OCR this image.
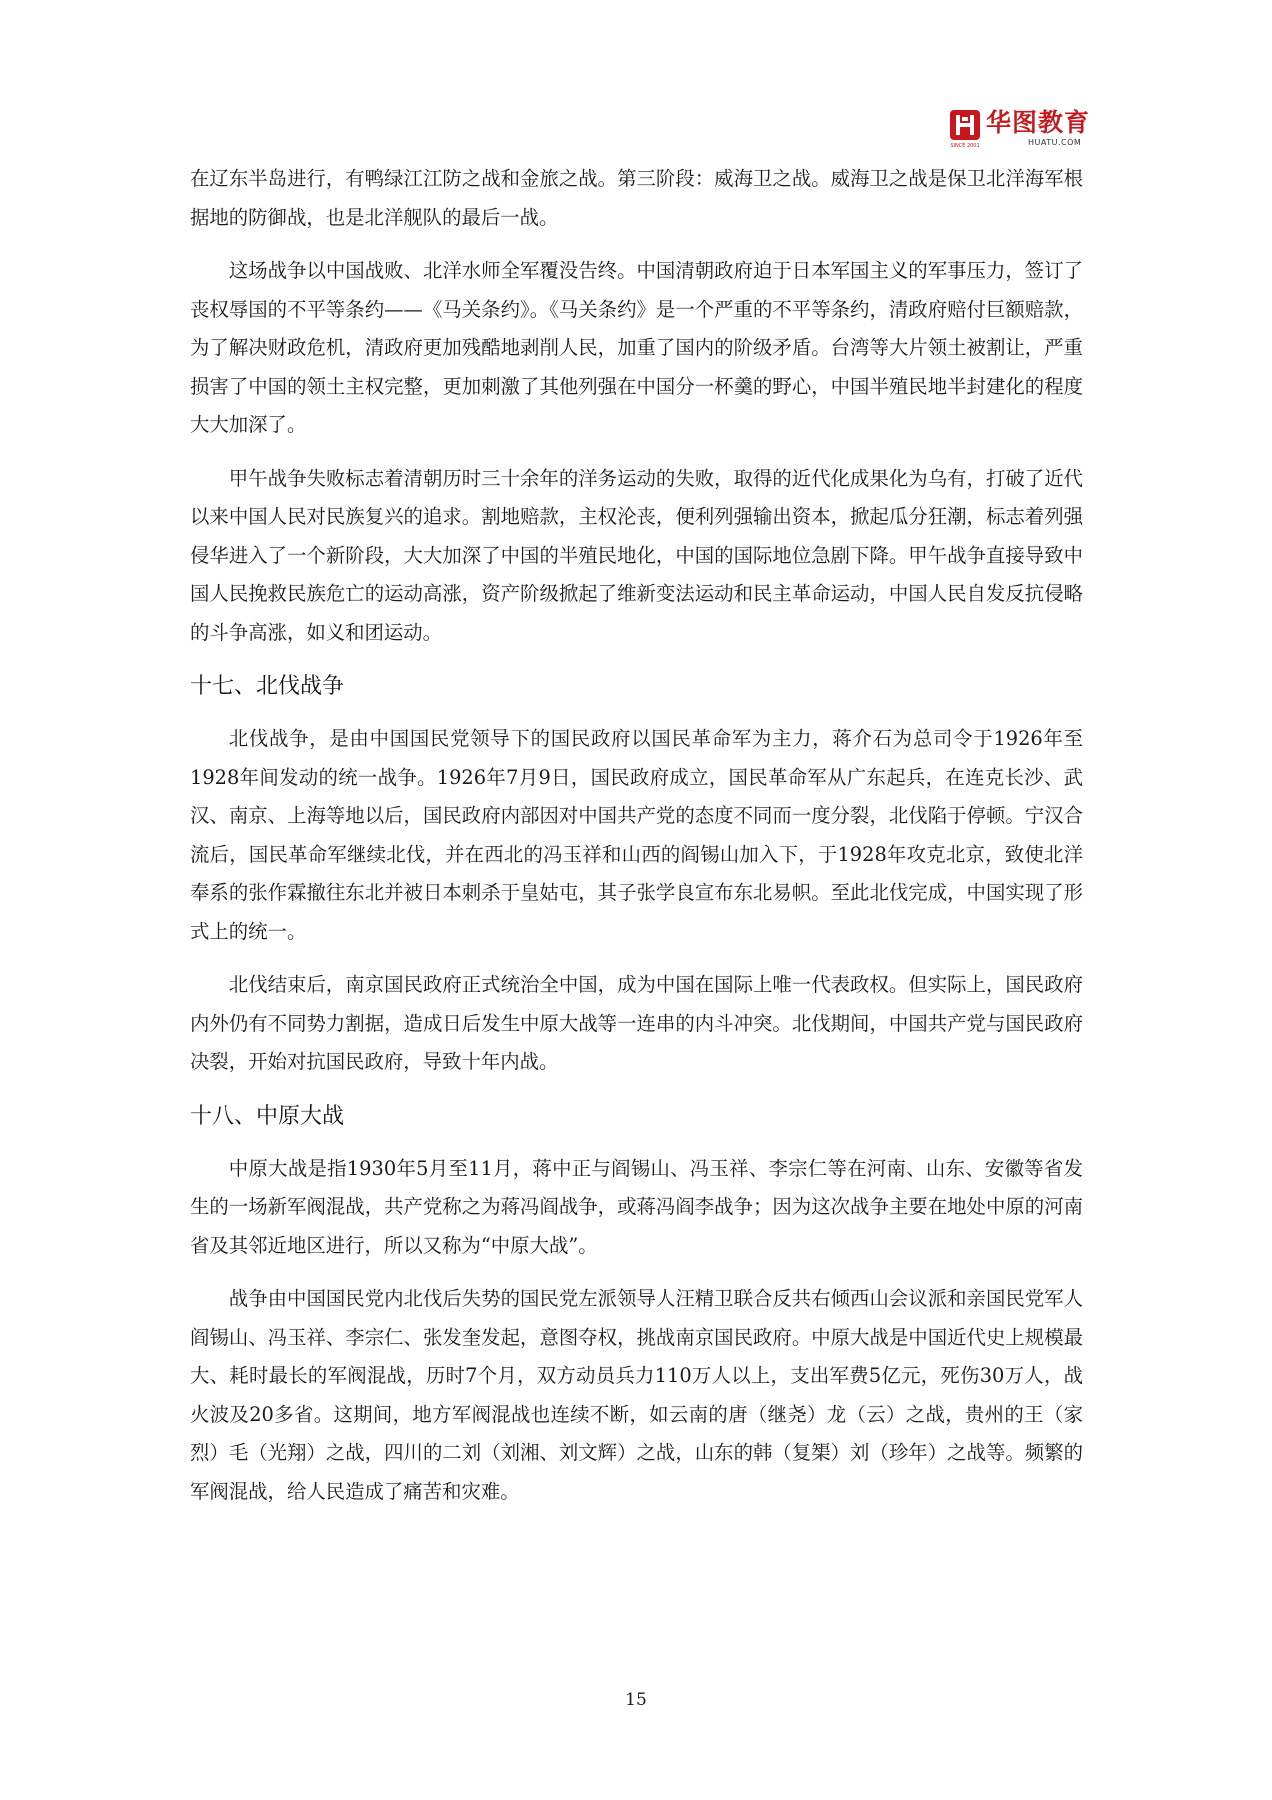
SINCE 2001
华图教育
HUATU.COM

在辽东半岛进行，有鸭绿江江防之战和金旅之战。第三阶段：威海卫之战。威海卫之战是保卫北洋海军根据地的防御战，也是北洋舰队的最后一战。

这场战争以中国战败、北洋水师全军覆没告终。中国清朝政府迫于日本军国主义的军事压力，签订了丧权辱国的不平等条约——《马关条约》。《马关条约》是一个严重的不平等条约，清政府赔付巨额赔款，为了解决财政危机，清政府更加残酷地剥削人民，加重了国内的阶级矛盾。台湾等大片领土被割让，严重损害了中国的领土主权完整，更加刺激了其他列强在中国分一杯羹的野心，中国半殖民地半封建化的程度大大加深了。

甲午战争失败标志着清朝历时三十余年的洋务运动的失败，取得的近代化成果化为乌有，打破了近代以来中国人民对民族复兴的追求。割地赔款，主权沦丧，便利列强输出资本，掀起瓜分狂潮，标志着列强侵华进入了一个新阶段，大大加深了中国的半殖民地化，中国的国际地位急剧下降。甲午战争直接导致中国人民挽救民族危亡的运动高涨，资产阶级掀起了维新变法运动和民主革命运动，中国人民自发反抗侵略的斗争高涨，如义和团运动。

十七、北伐战争

北伐战争，是由中国国民党领导下的国民政府以国民革命军为主力，蒋介石为总司令于1926年至1928年间发动的统一战争。1926年7月9日，国民政府成立，国民革命军从广东起兵，在连克长沙、武汉、南京、上海等地以后，国民政府内部因对中国共产党的态度不同而一度分裂，北伐陷于停顿。宁汉合流后，国民革命军继续北伐，并在西北的冯玉祥和山西的阎锡山加入下，于1928年攻克北京，致使北洋奉系的张作霖撤往东北并被日本刺杀于皇姑屯，其子张学良宣布东北易帜。至此北伐完成，中国实现了形式上的统一。

北伐结束后，南京国民政府正式统治全中国，成为中国在国际上唯一代表政权。但实际上，国民政府内外仍有不同势力割据，造成日后发生中原大战等一连串的内斗冲突。北伐期间，中国共产党与国民政府决裂，开始对抗国民政府，导致十年内战。

十八、中原大战

中原大战是指1930年5月至11月，蒋中正与阎锡山、冯玉祥、李宗仁等在河南、山东、安徽等省发生的一场新军阀混战，共产党称之为蒋冯阎战争，或蒋冯阎李战争；因为这次战争主要在地处中原的河南省及其邻近地区进行，所以又称为“中原大战”。

战争由中国国民党内北伐后失势的国民党左派领导人汪精卫联合反共右倾西山会议派和亲国民党军人阎锡山、冯玉祥、李宗仁、张发奎发起，意图夺权，挑战南京国民政府。中原大战是中国近代史上规模最大、耗时最长的军阀混战，历时7个月，双方动员兵力110万人以上，支出军费5亿元，死伤30万人，战火波及20多省。这期间，地方军阀混战也连续不断，如云南的唐（继尧）龙（云）之战，贵州的王（家烈）毛（光翔）之战，四川的二刘（刘湘、刘文辉）之战，山东的韩（复榘）刘（珍年）之战等。频繁的军阀混战，给人民造成了痛苦和灾难。

15
